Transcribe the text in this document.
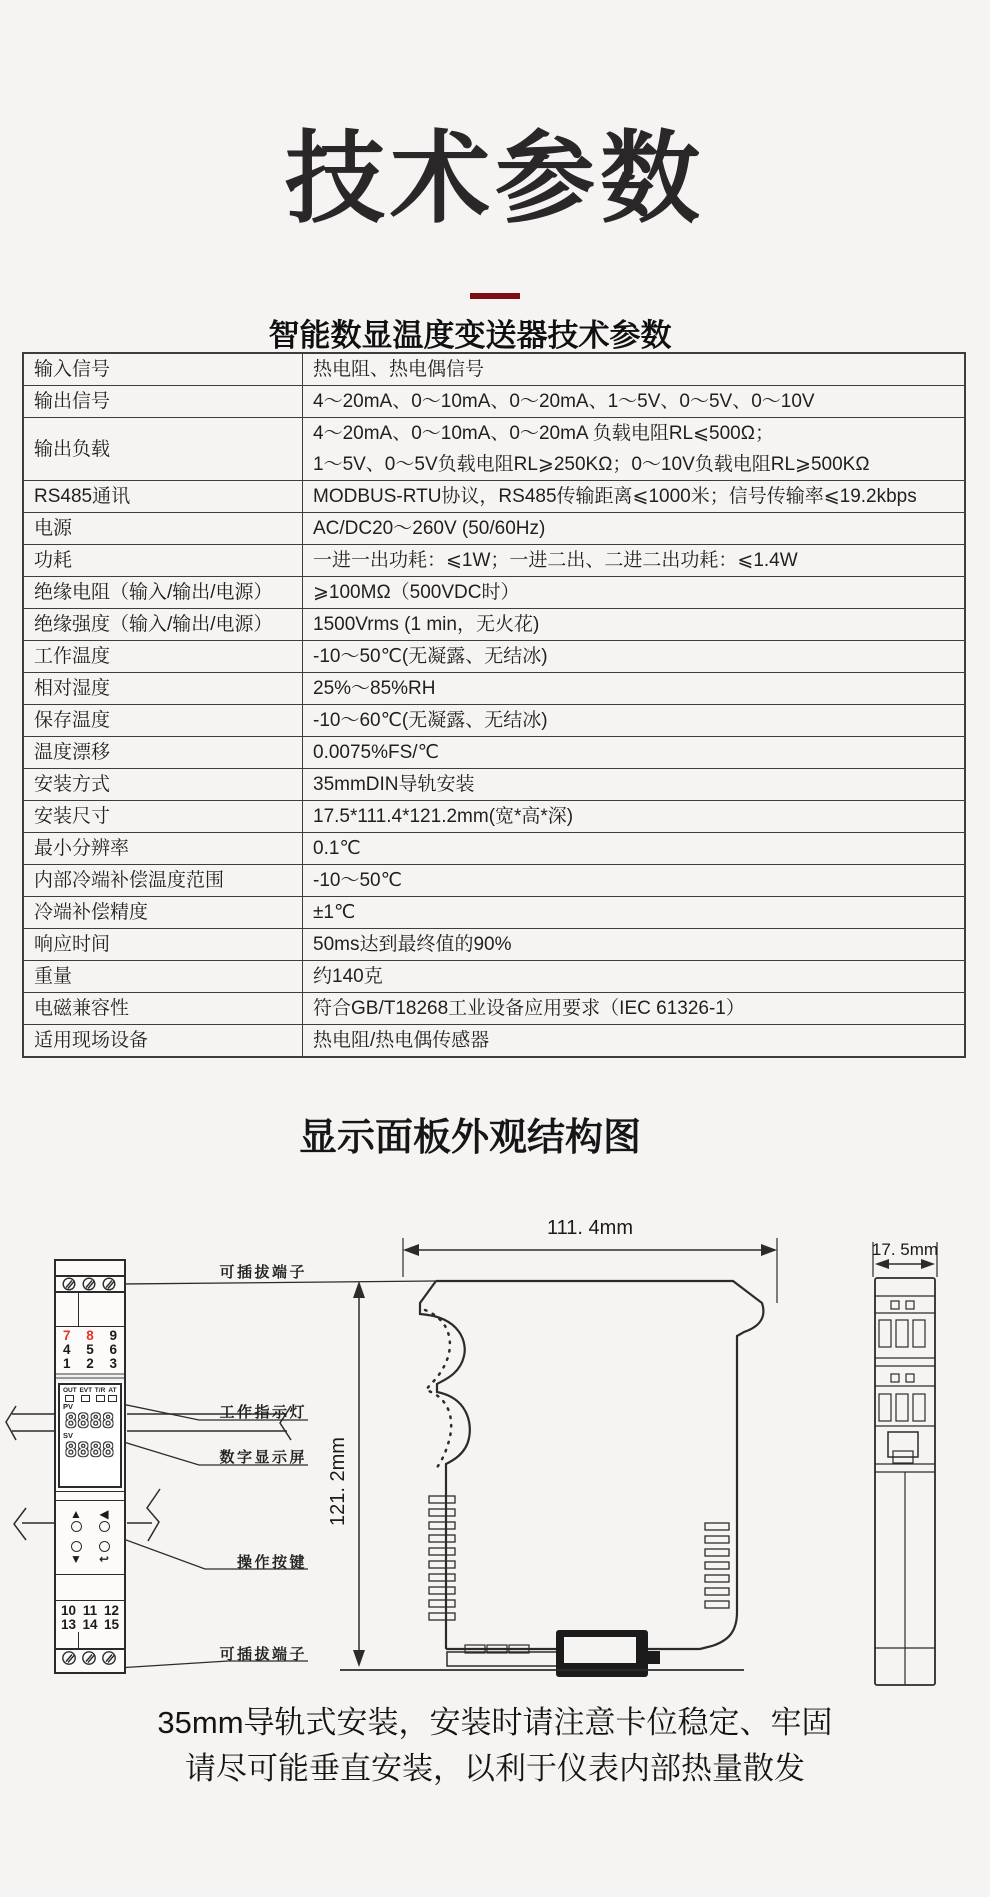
技术参数
智能数显温度变送器技术参数
输入信号	热电阻、热电偶信号
输出信号	4～20mA、0～10mA、0～20mA、1～5V、0～5V、0～10V
输出负载	4～20mA、0～10mA、0～20mA 负载电阻RL⩽500Ω；
1～5V、0～5V负载电阻RL⩾250KΩ；0～10V负载电阻RL⩾500KΩ

RS485通讯	MODBUS-RTU协议，RS485传输距离⩽1000米；信号传输率⩽19.2kbps
电源	AC/DC20～260V (50/60Hz)
功耗	一进一出功耗：⩽1W；一进二出、二进二出功耗：⩽1.4W
绝缘电阻（输入/输出/电源）	⩾100MΩ（500VDC时）
绝缘强度（输入/输出/电源）	1500Vrms (1 min，无火花)
工作温度	-10～50℃(无凝露、无结冰)
相对湿度	25%～85%RH
保存温度	-10～60℃(无凝露、无结冰)
温度漂移	0.0075%FS/℃
安装方式	35mmDIN导轨安装
安装尺寸	17.5*111.4*121.2mm(宽*高*深)
最小分辨率	0.1℃
内部冷端补偿温度范围	-10～50℃
冷端补偿精度	±1℃
响应时间	50ms达到最终值的90%
重量	约140克
电磁兼容性	符合GB/T18268工业设备应用要求（IEC 61326-1）
适用现场设备	热电阻/热电偶传感器
显示面板外观结构图
111. 4mm
121. 2mm
17. 5mm
7 8 9
4 5 6
1 2 3
OUT EVT T/R AT
PV
8888
SV
8888
▲ ◀
▼ ↩
10 11 12
13 14 15
可插拔端子
工作指示灯
数字显示屏
操作按键
可插拔端子
35mm导轨式安装，安装时请注意卡位稳定、牢固
请尽可能垂直安装，以利于仪表内部热量散发
